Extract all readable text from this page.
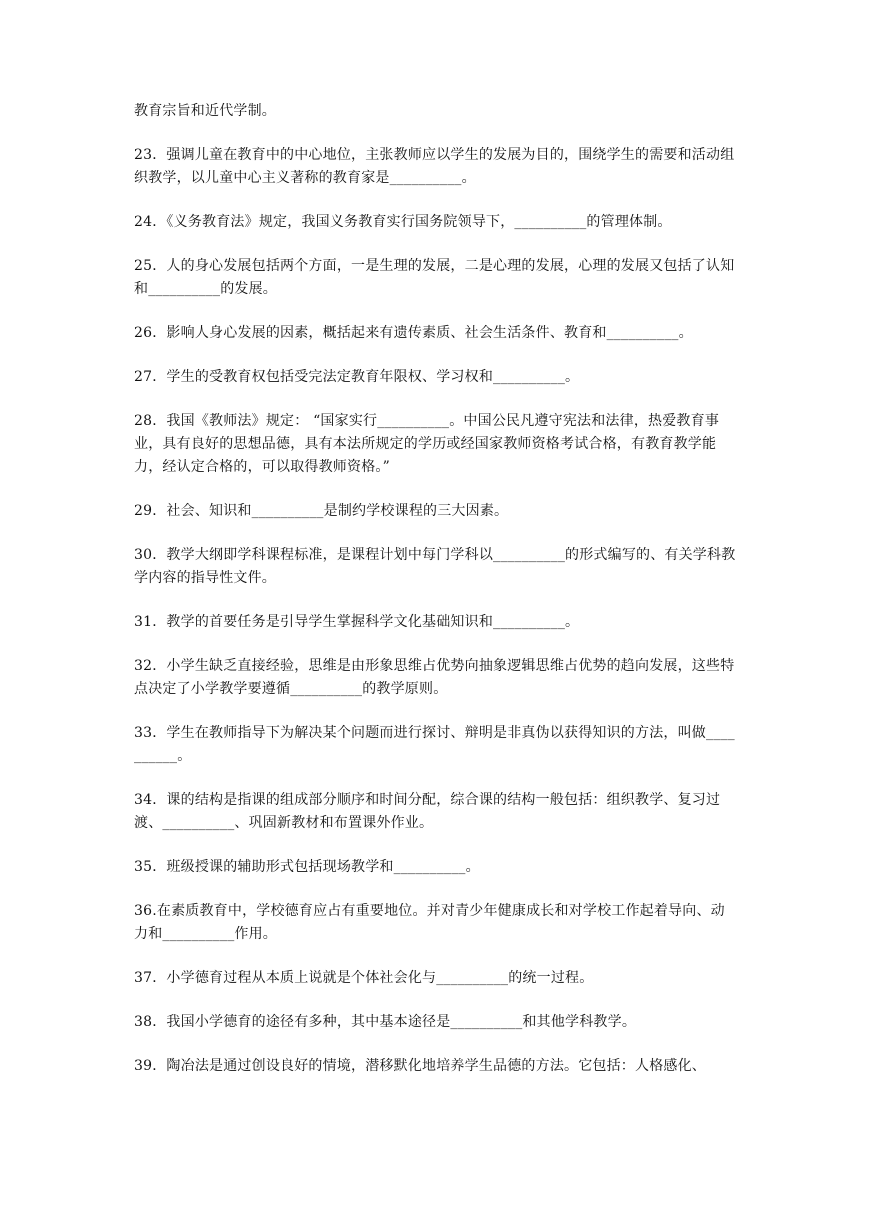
教育宗旨和近代学制。

23．强调儿童在教育中的中心地位，主张教师应以学生的发展为目的，围绕学生的需要和活动组织教学，以儿童中心主义著称的教育家是__________。

24．《义务教育法》规定，我国义务教育实行国务院领导下，__________的管理体制。

25．人的身心发展包括两个方面，一是生理的发展，二是心理的发展，心理的发展又包括了认知和__________的发展。

26．影响人身心发展的因素，概括起来有遗传素质、社会生活条件、教育和__________。

27．学生的受教育权包括受完法定教育年限权、学习权和__________。

28．我国《教师法》规定： “国家实行__________。中国公民凡遵守宪法和法律，热爱教育事业，具有良好的思想品德，具有本法所规定的学历或经国家教师资格考试合格，有教育教学能力，经认定合格的，可以取得教师资格。”

29．社会、知识和__________是制约学校课程的三大因素。

30．教学大纲即学科课程标准，是课程计划中每门学科以__________的形式编写的、有关学科教学内容的指导性文件。

31．教学的首要任务是引导学生掌握科学文化基础知识和__________。

32．小学生缺乏直接经验，思维是由形象思维占优势向抽象逻辑思维占优势的趋向发展，这些特点决定了小学教学要遵循__________的教学原则。

33．学生在教师指导下为解决某个问题而进行探讨、辩明是非真伪以获得知识的方法，叫做__________。

34．课的结构是指课的组成部分顺序和时间分配，综合课的结构一般包括：组织教学、复习过渡、__________、巩固新教材和布置课外作业。

35．班级授课的辅助形式包括现场教学和__________。

36.在素质教育中，学校德育应占有重要地位。并对青少年健康成长和对学校工作起着导向、动力和__________作用。

37．小学德育过程从本质上说就是个体社会化与__________的统一过程。

38．我国小学德育的途径有多种，其中基本途径是__________和其他学科教学。

39．陶冶法是通过创设良好的情境，潜移默化地培养学生品德的方法。它包括：人格感化、
